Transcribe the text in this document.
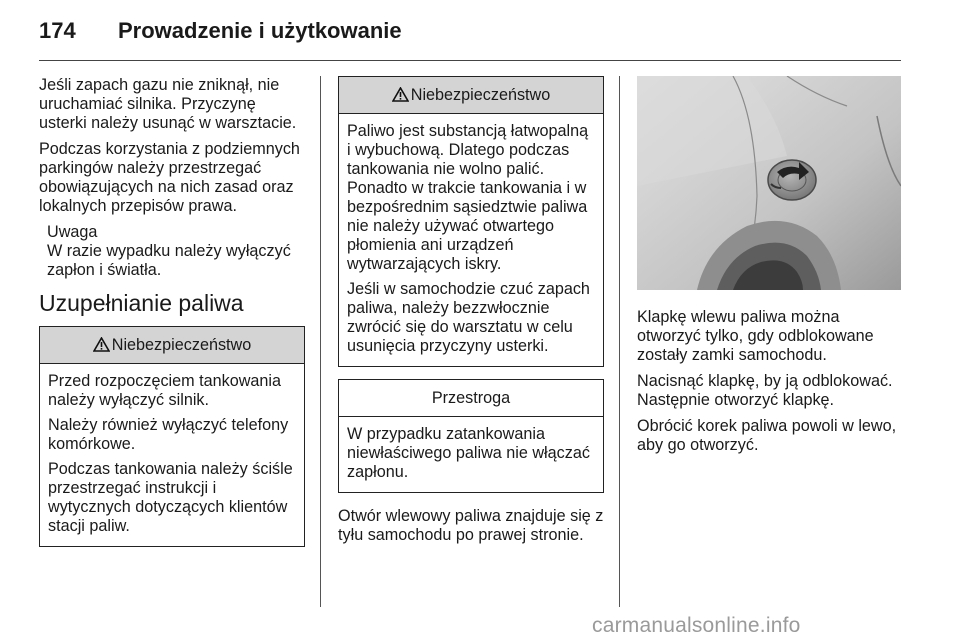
174 Prowadzenie i użytkowanie

Jeśli zapach gazu nie zniknął, nie uruchamiać silnika. Przyczynę usterki należy usunąć w warsztacie.

Podczas korzystania z podziemnych parkingów należy przestrzegać obowiązujących na nich zasad oraz lokalnych przepisów prawa.

Uwaga
W razie wypadku należy wyłączyć zapłon i światła.
Uzupełnianie paliwa
Niebezpieczeństwo

Przed rozpoczęciem tankowania należy wyłączyć silnik.

Należy również wyłączyć telefony komórkowe.

Podczas tankowania należy ściśle przestrzegać instrukcji i wytycznych dotyczących klientów stacji paliw.

Niebezpieczeństwo

Paliwo jest substancją łatwopalną i wybuchową. Dlatego podczas tankowania nie wolno palić. Ponadto w trakcie tankowania i w bezpośrednim sąsiedztwie paliwa nie należy używać otwartego płomienia ani urządzeń wytwarzających iskry.

Jeśli w samochodzie czuć zapach paliwa, należy bezzwłocznie zwrócić się do warsztatu w celu usunięcia przyczyny usterki.

Przestroga

W przypadku zatankowania niewłaściwego paliwa nie włączać zapłonu.

Otwór wlewowy paliwa znajduje się z tyłu samochodu po prawej stronie.

Klapkę wlewu paliwa można otworzyć tylko, gdy odblokowane zostały zamki samochodu.

Nacisnąć klapkę, by ją odblokować. Następnie otworzyć klapkę.

Obrócić korek paliwa powoli w lewo, aby go otworzyć.

carmanualsonline.info
